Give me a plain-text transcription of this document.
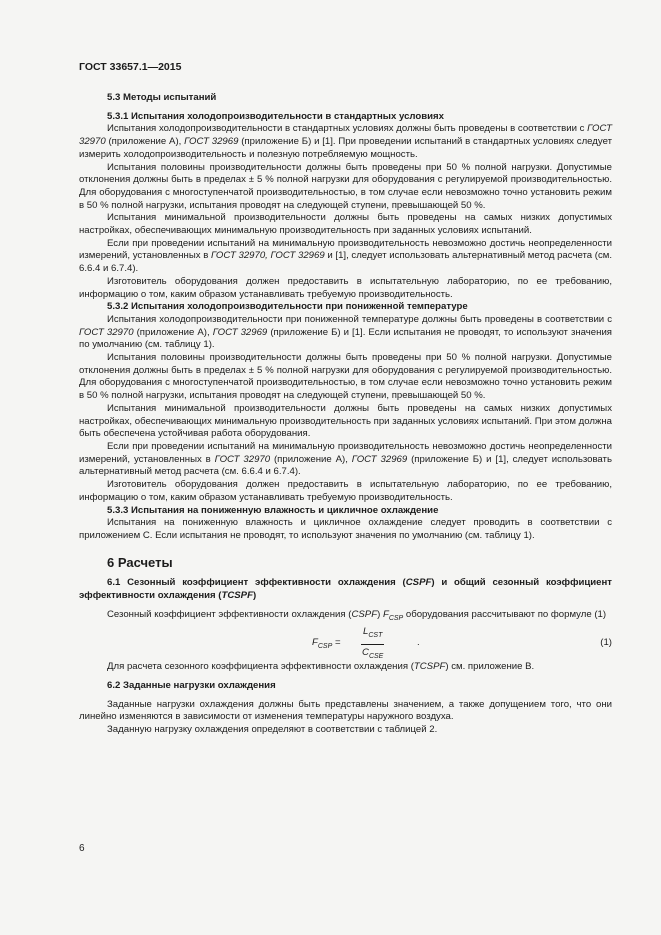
ГОСТ 33657.1—2015

5.3 Методы испытаний

5.3.1 Испытания холодопроизводительности в стандартных условиях

Испытания холодопроизводительности в стандартных условиях должны быть проведены в соответствии с ГОСТ 32970 (приложение А), ГОСТ 32969 (приложение Б) и [1]. При проведении испытаний в стандартных условиях следует измерить холодопроизводительность и полезную потребляемую мощность.

Испытания половины производительности должны быть проведены при 50 % полной нагрузки. Допустимые отклонения должны быть в пределах ± 5 % полной нагрузки для оборудования с регулируемой производительностью. Для оборудования с многоступенчатой производительностью, в том случае если невозможно точно установить режим в 50 % полной нагрузки, испытания проводят на следующей ступени, превышающей 50 %.

Испытания минимальной производительности должны быть проведены на самых низких допустимых настройках, обеспечивающих минимальную производительность при заданных условиях испытаний.

Если при проведении испытаний на минимальную производительность невозможно достичь неопределенности измерений, установленных в ГОСТ 32970, ГОСТ 32969 и [1], следует использовать альтернативный метод расчета (см. 6.6.4 и 6.7.4).

Изготовитель оборудования должен предоставить в испытательную лабораторию, по ее требованию, информацию о том, каким образом устанавливать требуемую производительность.

5.3.2 Испытания холодопроизводительности при пониженной температуре

Испытания холодопроизводительности при пониженной температуре должны быть проведены в соответствии с ГОСТ 32970 (приложение А), ГОСТ 32969 (приложение Б) и [1]. Если испытания не проводят, то используют значения по умолчанию (см. таблицу 1).

Испытания половины производительности должны быть проведены при 50 % полной нагрузки. Допустимые отклонения должны быть в пределах ± 5 % полной нагрузки для оборудования с регулируемой производительностью. Для оборудования с многоступенчатой производительностью, в том случае если невозможно точно установить режим в 50 % полной нагрузки, испытания проводят на следующей ступени, превышающей 50 %.

Испытания минимальной производительности должны быть проведены на самых низких допустимых настройках, обеспечивающих минимальную производительность при заданных условиях испытаний. При этом должна быть обеспечена устойчивая работа оборудования.

Если при проведении испытаний на минимальную производительность невозможно достичь неопределенности измерений, установленных в ГОСТ 32970 (приложение А), ГОСТ 32969 (приложение Б) и [1], следует использовать альтернативный метод расчета (см. 6.6.4 и 6.7.4).

Изготовитель оборудования должен предоставить в испытательную лабораторию, по ее требованию, информацию о том, каким образом устанавливать требуемую производительность.

5.3.3 Испытания на пониженную влажность и цикличное охлаждение

Испытания на пониженную влажность и цикличное охлаждение следует проводить в соответствии с приложением С. Если испытания не проводят, то используют значения по умолчанию (см. таблицу 1).

6 Расчеты

6.1 Сезонный коэффициент эффективности охлаждения (CSPF) и общий сезонный коэффициент эффективности охлаждения (TCSPF)

Сезонный коэффициент эффективности охлаждения (CSPF) $F_{CSP}$ оборудования рассчитывают по формуле (1)

$F_{CSP}$ =
$L_{CST}$
$C_{CSE}$
.	(1)

Для расчета сезонного коэффициента эффективности охлаждения (TCSPF) см. приложение В.

6.2 Заданные нагрузки охлаждения

Заданные нагрузки охлаждения должны быть представлены значением, а также допущением того, что они линейно изменяются в зависимости от изменения температуры наружного воздуха.

Заданную нагрузку охлаждения определяют в соответствии с таблицей 2.

6
